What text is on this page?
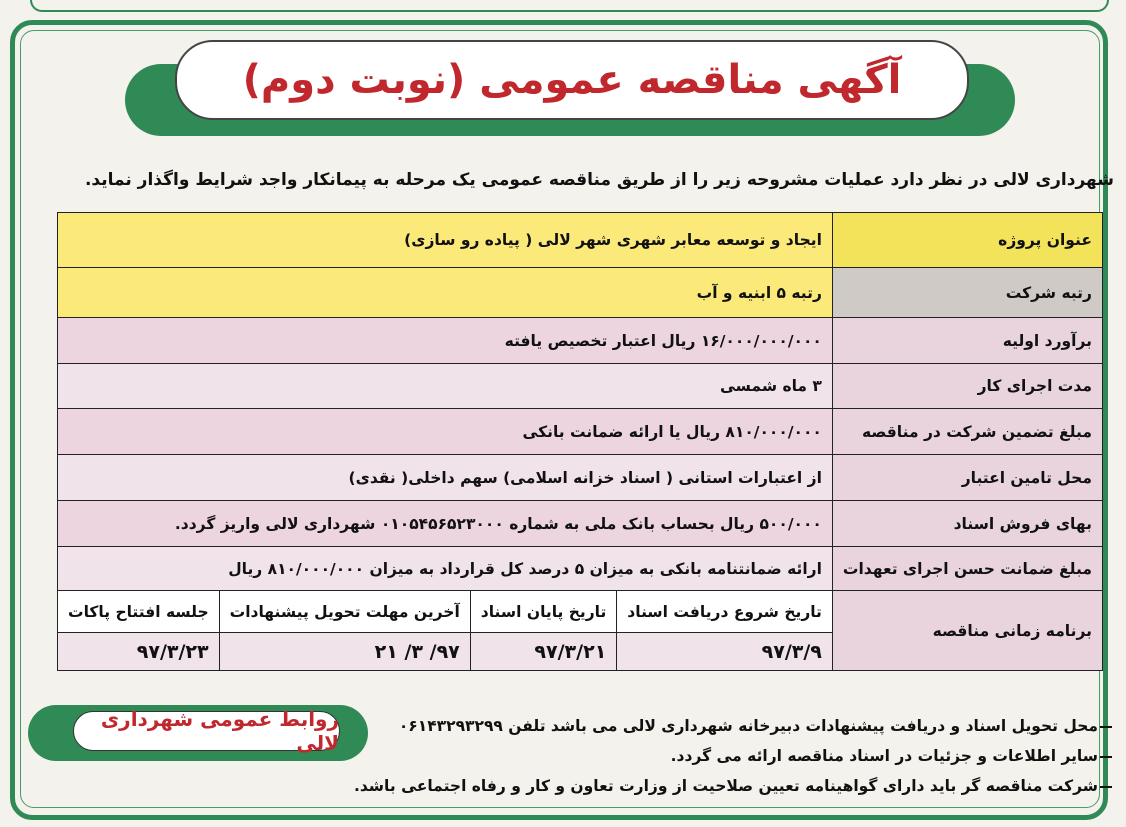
آگهی مناقصه عمومی (نوبت دوم)
شهرداری لالی در نظر دارد عملیات مشروحه زیر را از طریق مناقصه عمومی یک مرحله به پیمانکار واجد شرایط واگذار نماید.
عنوان پروژه	ایجاد و توسعه معابر شهری شهر لالی ( پیاده رو سازی)			
رتبه شرکت	رتبه ۵ ابنیه و آب			
برآورد اولیه	۱۶/۰۰۰/۰۰۰/۰۰۰ ریال اعتبار تخصیص یافته			
مدت اجرای کار	۳ ماه شمسی			
مبلغ تضمین شرکت در مناقصه	۸۱۰/۰۰۰/۰۰۰ ریال یا ارائه ضمانت بانکی			
محل تامین اعتبار	از اعتبارات استانی ( اسناد خزانه اسلامی) سهم داخلی( نقدی)			
بهای فروش اسناد	۵۰۰/۰۰۰ ریال بحساب بانک ملی به شماره ۰۱۰۵۴۵۶۵۲۳۰۰۰ شهرداری لالی واریز گردد.			
مبلغ ضمانت حسن اجرای تعهدات	ارائه ضمانتنامه بانکی به میزان ۵ درصد کل قرارداد به میزان ۸۱۰/۰۰۰/۰۰۰ ریال			
برنامه زمانی مناقصه	تاریخ شروع دریافت اسناد	تاریخ پایان اسناد	آخرین مهلت تحویل پیشنهادات	جلسه افتتاح پاکات
	۹۷/۳/۹	۹۷/۳/۲۱	۹۷/ ۳/ ۲۱	۹۷/۳/۲۳
روابط عمومی شهرداری لالی
محل تحویل اسناد و دریافت پیشنهادات دبیرخانه شهرداری لالی می باشد تلفن ۰۶۱۴۳۲۹۳۲۹۹
سایر اطلاعات و جزئیات در اسناد مناقصه ارائه می گردد.
شرکت مناقصه گر باید دارای گواهینامه تعیین صلاحیت از وزارت تعاون و کار و رفاه اجتماعی باشد.
